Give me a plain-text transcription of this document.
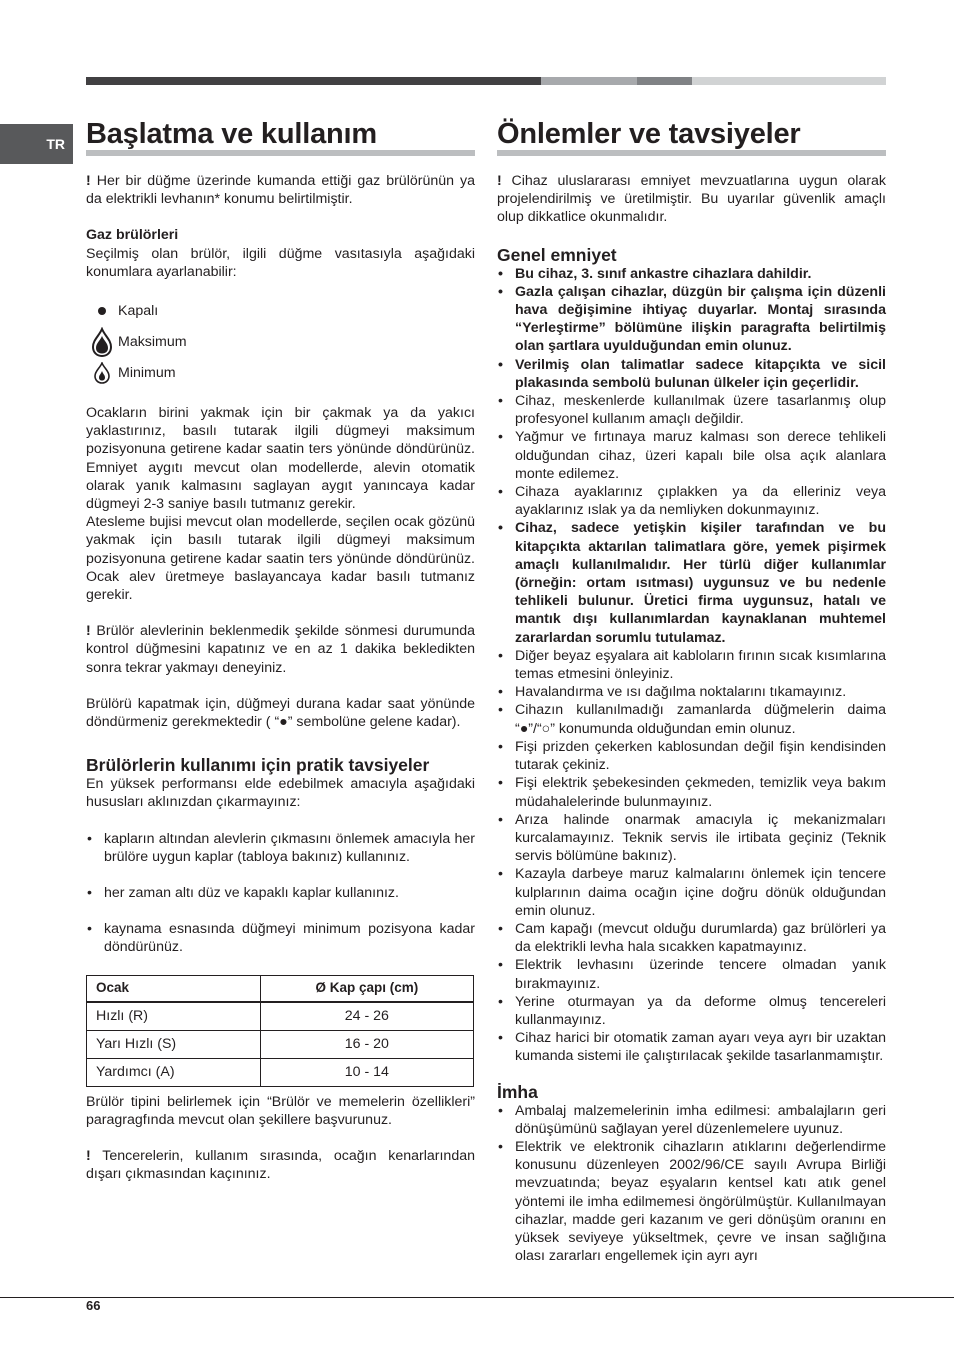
TR Başlatma ve kullanım

! Her bir düğme üzerinde kumanda ettiği gaz brülörünün ya da elektrikli levhanın* konumu belirtilmiştir.

Gaz brülörleri

Seçilmiş olan brülör, ilgili düğme vasıtasıyla aşağıdaki konumlara ayarlanabilir:

Kapalı
Maksimum
Minimum

Ocakların birini yakmak için bir çakmak ya da yakıcı yaklastırınız, basılı tutarak ilgili dügmeyi maksimum pozisyonuna getirene kadar saatin ters yönünde döndürünüz. Emniyet aygıtı mevcut olan modellerde, alevin otomatik olarak yanık kalmasını saglayan aygıt yanıncaya kadar dügmeyi 2-3 saniye basılı tutmanız gerekir.

Atesleme bujisi mevcut olan modellerde, seçilen ocak gözünü yakmak için basılı tutarak ilgili dügmeyi maksimum pozisyonuna getirene kadar saatin ters yönünde döndürünüz. Ocak alev üretmeye baslayancaya kadar basılı tutmanız gerekir.

! Brülör alevlerinin beklenmedik şekilde sönmesi durumunda kontrol düğmesini kapatınız ve en az 1 dakika bekledikten sonra tekrar yakmayı deneyiniz.

Brülörü kapatmak için, düğmeyi durana kadar saat yönünde döndürmeniz gerekmektedir ( “●” sembolüne gelene kadar).

Brülörlerin kullanımı için pratik tavsiyeler

En yüksek performansı elde edebilmek amacıyla aşağıdaki hususları aklınızdan çıkarmayınız:

• kapların altından alevlerin çıkmasını önlemek amacıyla her brülöre uygun kaplar (tabloya bakınız) kullanınız.
• her zaman altı düz ve kapaklı kaplar kullanınız.
• kaynama esnasında düğmeyi minimum pozisyona kadar döndürünüz.
Ocak	Ø Kap çapı (cm)
Hızlı (R)	24 - 26
Yarı Hızlı (S)	16 - 20
Yardımcı (A)	10 - 14

Brülör tipini belirlemek için “Brülör ve memelerin özellikleri” paragragfında mevcut olan şekillere başvurunuz.

! Tencerelerin, kullanım sırasında, ocağın kenarlarından dışarı çıkmasından kaçınınız.

Önlemler ve tavsiyeler

! Cihaz uluslararası emniyet mevzuatlarına uygun olarak projelendirilmiş ve üretilmiştir. Bu uyarılar güvenlik amaçlı olup dikkatlice okunmalıdır.

Genel emniyet
• Bu cihaz, 3. sınıf ankastre cihazlara dahildir.
• Gazla çalışan cihazlar, düzgün bir çalışma için düzenli hava değişimine ihtiyaç duyarlar. Montaj sırasında “Yerleştirme” bölümüne ilişkin paragrafta belirtilmiş olan şartlara uyulduğundan emin olunuz.
• Verilmiş olan talimatlar sadece kitapçıkta ve sicil plakasında sembolü bulunan ülkeler için geçerlidir.
• Cihaz, meskenlerde kullanılmak üzere tasarlanmış olup profesyonel kullanım amaçlı değildir.
• Yağmur ve fırtınaya maruz kalması son derece tehlikeli olduğundan cihaz, üzeri kapalı bile olsa açık alanlara monte edilemez.
• Cihaza ayaklarınız çıplakken ya da elleriniz veya ayaklarınız ıslak ya da nemliyken dokunmayınız.
• Cihaz, sadece yetişkin kişiler tarafından ve bu kitapçıkta aktarılan talimatlara göre, yemek pişirmek amaçlı kullanılmalıdır. Her türlü diğer kullanımlar (örneğin: ortam ısıtması) uygunsuz ve bu nedenle tehlikeli bulunur. Üretici firma uygunsuz, hatalı ve mantık dışı kullanımlardan kaynaklanan muhtemel zararlardan sorumlu tutulamaz.
• Diğer beyaz eşyalara ait kabloların fırının sıcak kısımlarına temas etmesini önleyiniz.
• Havalandırma ve ısı dağılma noktalarını tıkamayınız.
• Cihazın kullanılmadığı zamanlarda düğmelerin daima “●”/“○” konumunda olduğundan emin olunuz.
• Fişi prizden çekerken kablosundan değil fişin kendisinden tutarak çekiniz.
• Fişi elektrik şebekesinden çekmeden, temizlik veya bakım müdahalelerinde bulunmayınız.
• Arıza halinde onarmak amacıyla iç mekanizmaları kurcalamayınız. Teknik servis ile irtibata geçiniz (Teknik servis bölümüne bakınız).
• Kazayla darbeye maruz kalmalarını önlemek için tencere kulplarının daima ocağın içine doğru dönük olduğundan emin olunuz.
• Cam kapağı (mevcut olduğu durumlarda) gaz brülörleri ya da elektrikli levha hala sıcakken kapatmayınız.
• Elektrik levhasını üzerinde tencere olmadan yanık bırakmayınız.
• Yerine oturmayan ya da deforme olmuş tencereleri kullanmayınız.
• Cihaz harici bir otomatik zaman ayarı veya ayrı bir uzaktan kumanda sistemi ile çalıştırılacak şekilde tasarlanmamıştır.
İmha
• Ambalaj malzemelerinin imha edilmesi: ambalajların geri dönüşümünü sağlayan yerel düzenlemelere uyunuz.
• Elektrik ve elektronik cihazların atıklarını değerlendirme konusunu düzenleyen 2002/96/CE sayılı Avrupa Birliği mevzuatında; beyaz eşyaların kentsel katı atık genel yöntemi ile imha edilmemesi öngörülmüştür. Kullanılmayan cihazlar, madde geri kazanım ve geri dönüşüm oranını en yüksek seviyeye yükseltmek, çevre ve insan sağlığına olası zararları engellemek için ayrı ayrı
66
